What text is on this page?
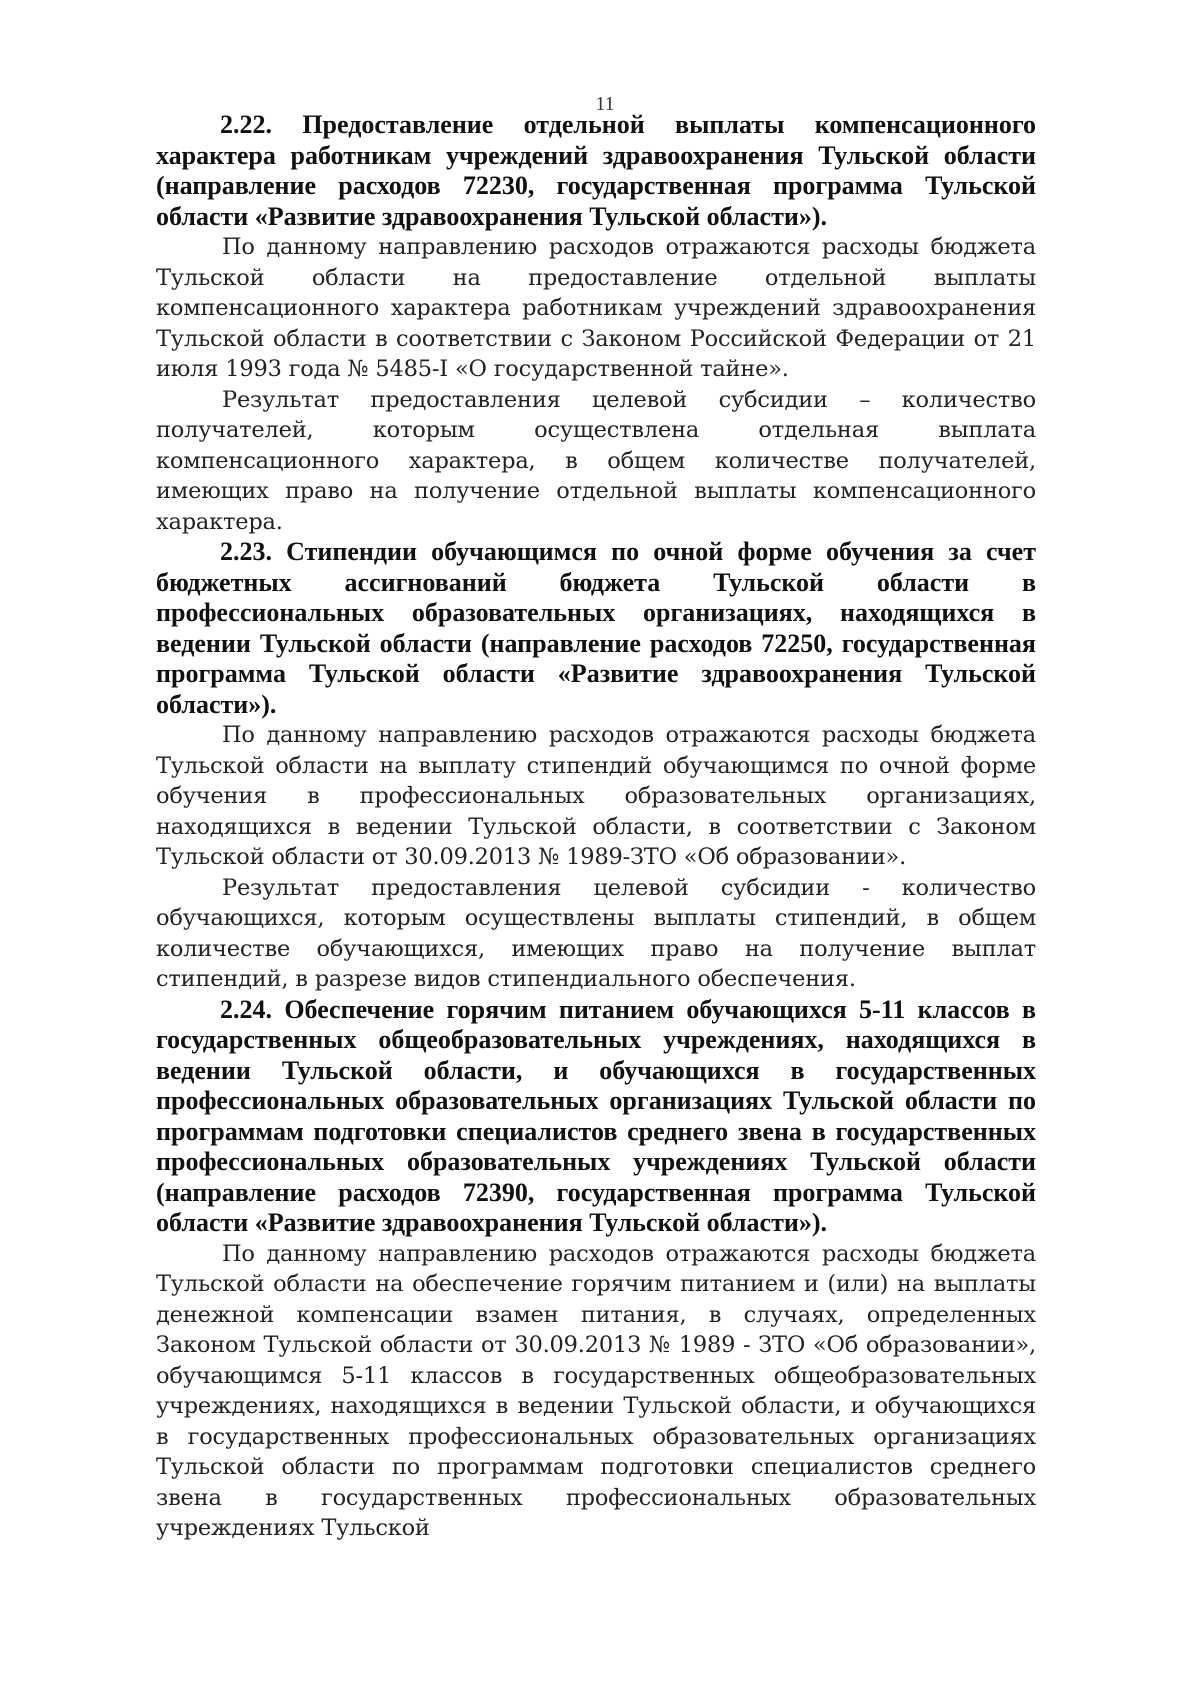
11

2.22. Предоставление отдельной выплаты компенсационного характера работникам учреждений здравоохранения Тульской области (направление расходов 72230, государственная программа Тульской области «Развитие здравоохранения Тульской области»).

По данному направлению расходов отражаются расходы бюджета Тульской области на предоставление отдельной выплаты компенсационного характера работникам учреждений здравоохранения Тульской области в соответствии с Законом Российской Федерации от 21 июля 1993 года № 5485-I «О государственной тайне».

Результат предоставления целевой субсидии – количество получателей, которым осуществлена отдельная выплата компенсационного характера, в общем количестве получателей, имеющих право на получение отдельной выплаты компенсационного характера.

2.23. Стипендии обучающимся по очной форме обучения за счет бюджетных ассигнований бюджета Тульской области в профессиональных образовательных организациях, находящихся в ведении Тульской области (направление расходов 72250, государственная программа Тульской области «Развитие здравоохранения Тульской области»).

По данному направлению расходов отражаются расходы бюджета Тульской области на выплату стипендий обучающимся по очной форме обучения в профессиональных образовательных организациях, находящихся в ведении Тульской области, в соответствии с Законом Тульской области от 30.09.2013 № 1989-ЗТО «Об образовании».

Результат предоставления целевой субсидии - количество обучающихся, которым осуществлены выплаты стипендий, в общем количестве обучающихся, имеющих право на получение выплат стипендий, в разрезе видов стипендиального обеспечения.

2.24. Обеспечение горячим питанием обучающихся 5-11 классов в государственных общеобразовательных учреждениях, находящихся в ведении Тульской области, и обучающихся в государственных профессиональных образовательных организациях Тульской области по программам подготовки специалистов среднего звена в государственных профессиональных образовательных учреждениях Тульской области (направление расходов 72390, государственная программа Тульской области «Развитие здравоохранения Тульской области»).

По данному направлению расходов отражаются расходы бюджета Тульской области на обеспечение горячим питанием и (или) на выплаты денежной компенсации взамен питания, в случаях, определенных Законом Тульской области от 30.09.2013 № 1989 - ЗТО «Об образовании», обучающимся 5-11 классов в государственных общеобразовательных учреждениях, находящихся в ведении Тульской области, и обучающихся в государственных профессиональных образовательных организациях Тульской области по программам подготовки специалистов среднего звена в государственных профессиональных образовательных учреждениях Тульской
